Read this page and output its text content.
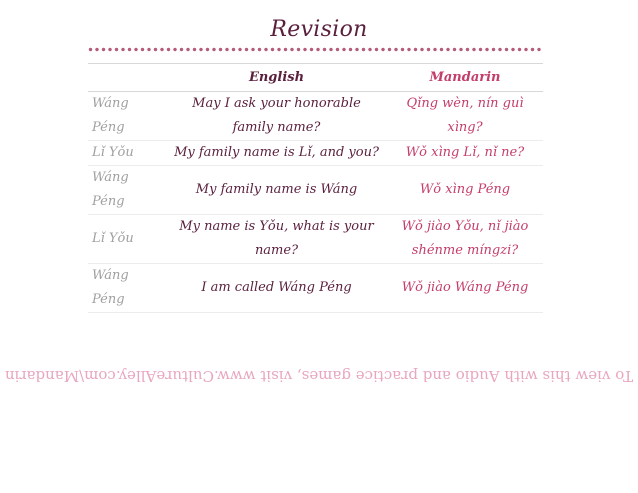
Revision
	English	Mandarin
Wáng Péng	May I ask your honorable family name?	Qǐng wèn, nín guì xìng?
Lǐ Yǒu	My family name is Lǐ, and you?	Wǒ xìng Lǐ, nǐ ne?
Wáng Péng	My family name is Wáng	Wǒ xìng Péng
Lǐ Yǒu	My name is Yǒu, what is your name?	Wǒ jiào Yǒu, nǐ jiào shénme míngzi?
Wáng Péng	I am called Wáng Péng	Wǒ jiào Wáng Péng
To view this with Audio and practice games, visit www.CultureAlley.com\Mandarin
